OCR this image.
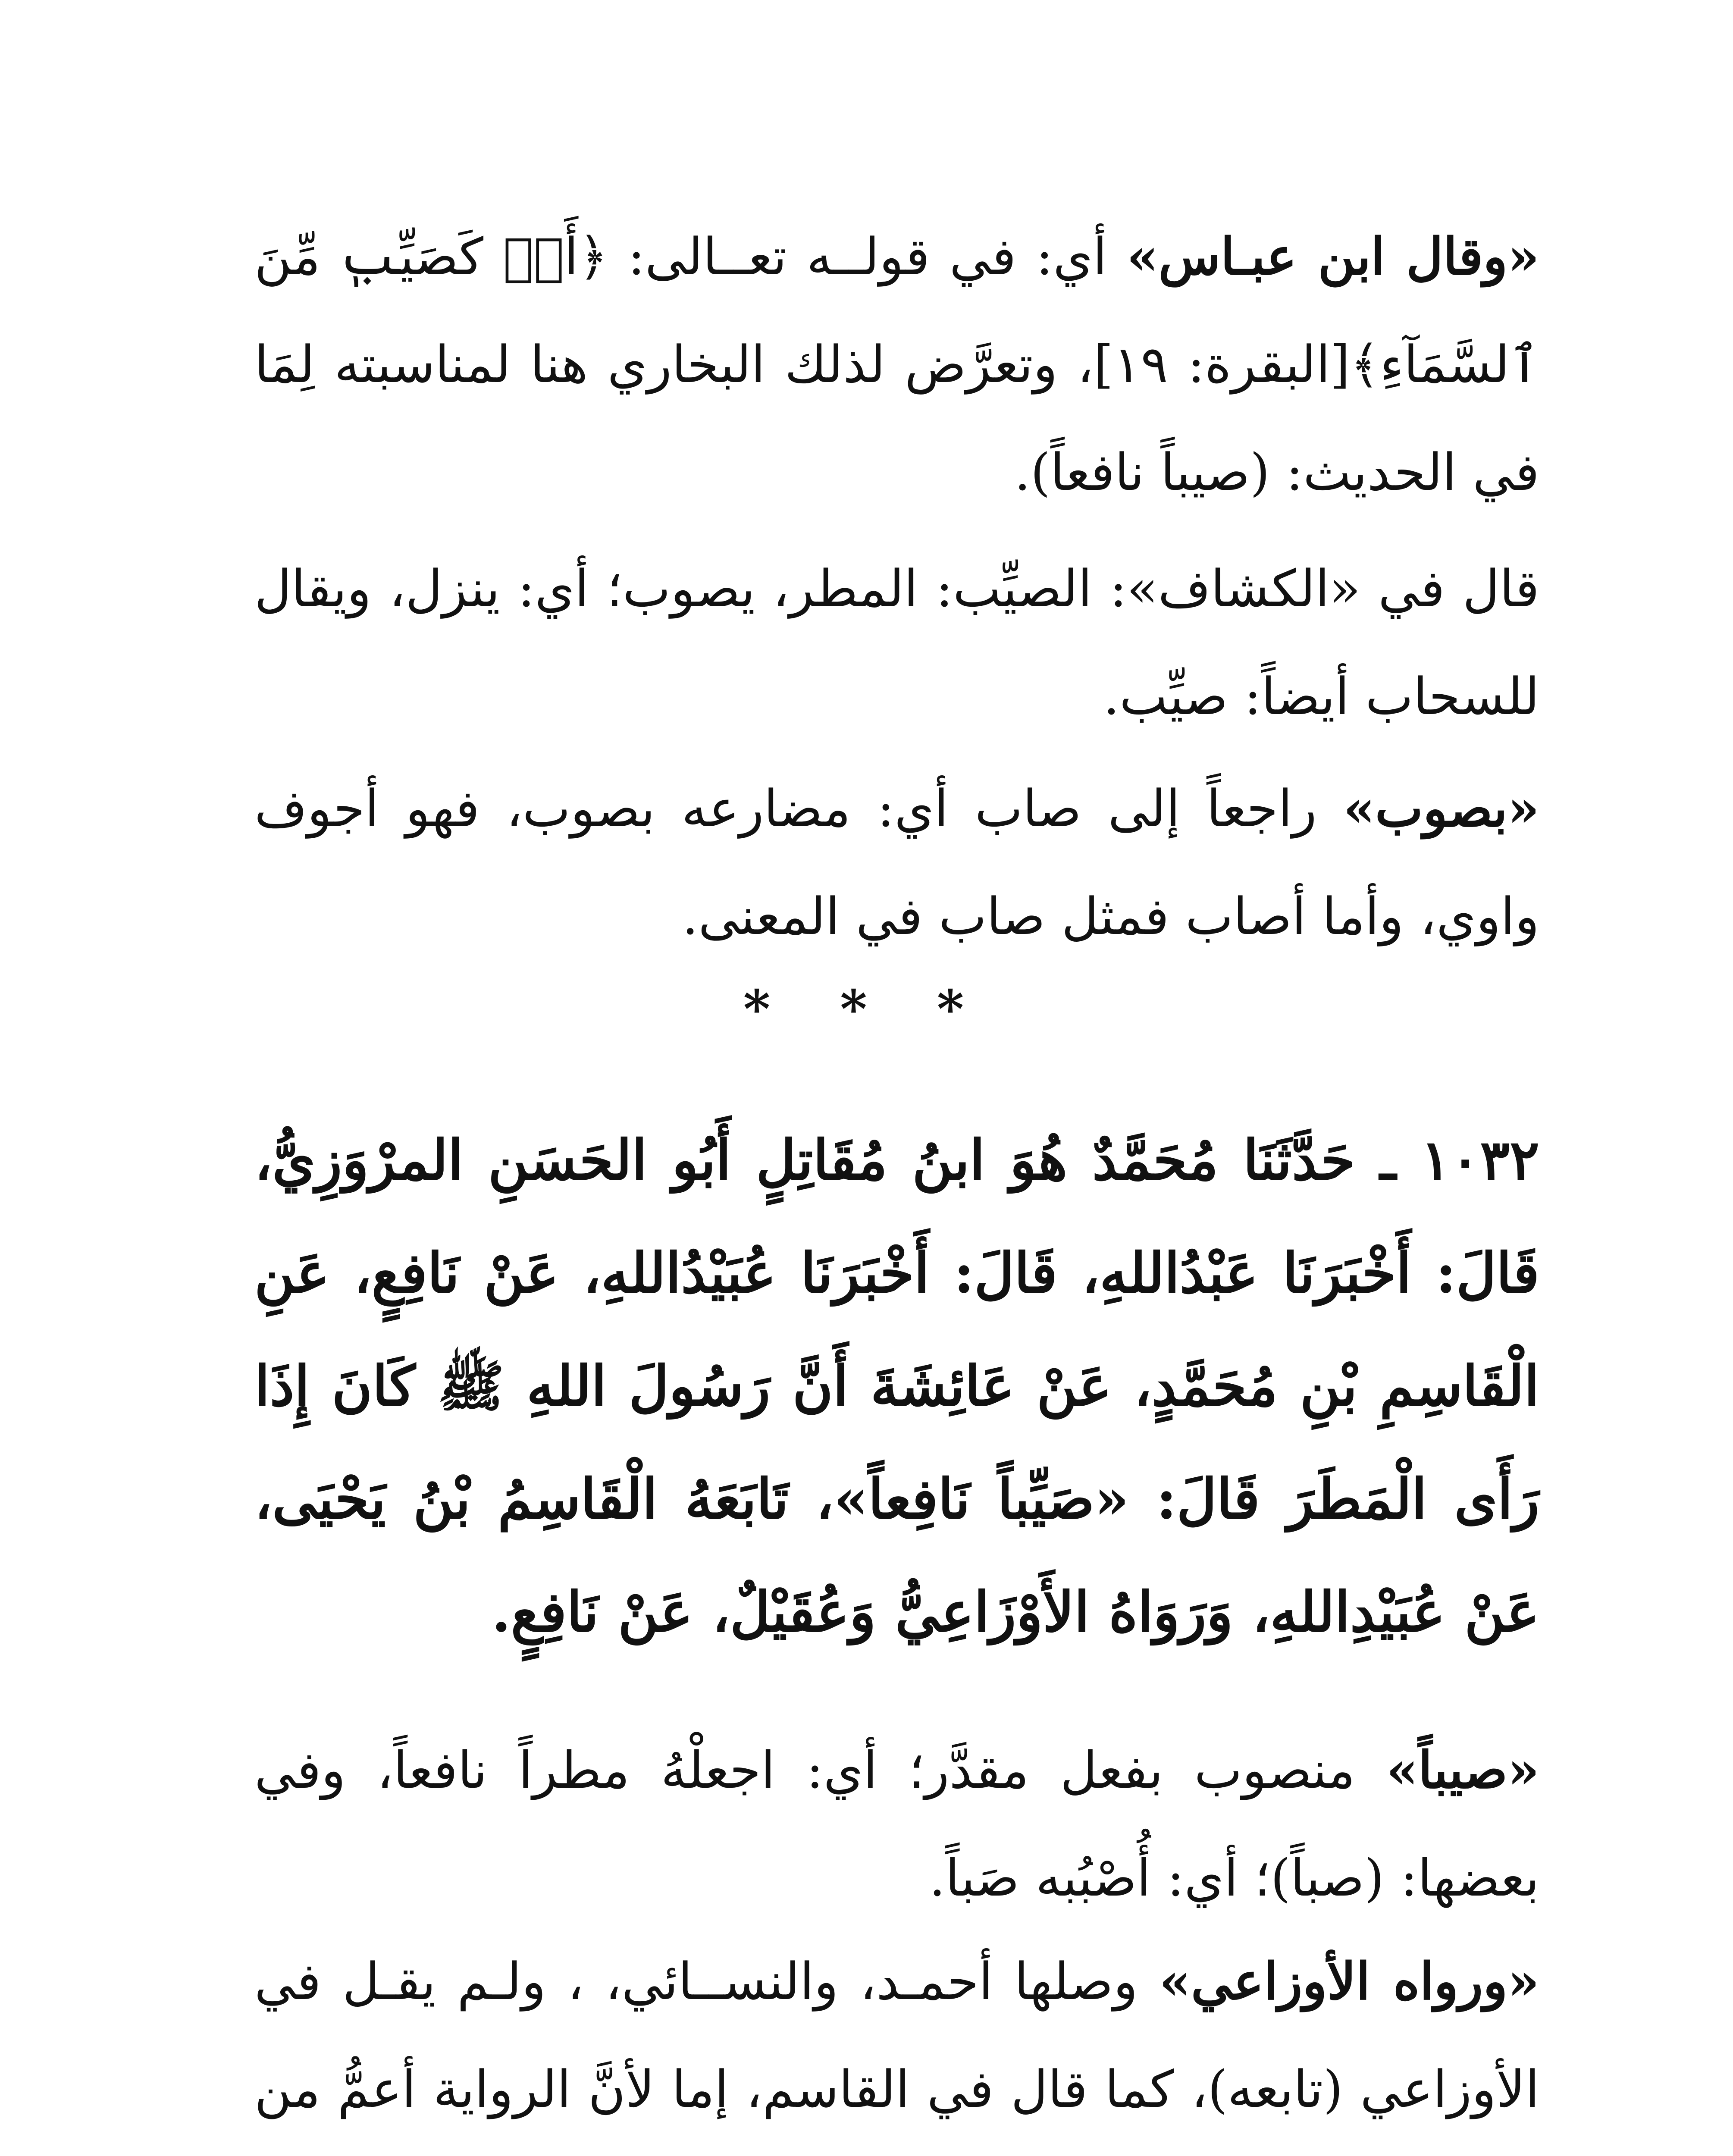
«وقال ابن عبـاس» أي: في قولــه تعــالى: ﴿أَوۡ كَصَيِّبٖ مِّنَ ٱلسَّمَآءِ﴾[البقرة: ١٩]، وتعرَّض لذلك البخاري هنا لمناسبته لِمَا في الحديث: (صيباً نافعاً).

قال في «الكشاف»: الصيِّب: المطر، يصوب؛ أي: ينزل، ويقال للسحاب أيضاً: صيِّب.

«بصوب» راجعاً إلى صاب أي: مضارعه بصوب، فهو أجوف واوي، وأما أصاب فمثل صاب في المعنى.

* * *

١٠٣٢ ـ حَدَّثَنَا مُحَمَّدٌ هُوَ ابنُ مُقَاتِلٍ أَبُو الحَسَنِ المرْوَزِيُّ، قَالَ: أَخْبَرَنَا عَبْدُاللهِ، قَالَ: أَخْبَرَنَا عُبَيْدُاللهِ، عَنْ نَافِعٍ، عَنِ الْقَاسِمِ بْنِ مُحَمَّدٍ، عَنْ عَائِشَةَ أَنَّ رَسُولَ اللهِ ﷺ كَانَ إِذَا رَأَى الْمَطَرَ قَالَ: «صَيِّباً نَافِعاً»، تَابَعَهُ الْقَاسِمُ بْنُ يَحْيَى، عَنْ عُبَيْدِاللهِ، وَرَوَاهُ الأَوْزَاعِيُّ وَعُقَيْلٌ، عَنْ نَافِعٍ.

«صيباً» منصوب بفعل مقدَّر؛ أي: اجعلْهُ مطراً نافعاً، وفي بعضها: (صباً)؛ أي: أُصْبُبه صَباً.

«ورواه الأوزاعي» وصلها أحمـد، والنســائي، ، ولـم يقـل في الأوزاعي (تابعه)، كما قال في القاسم، إما لأنَّ الرواية أعمُّ من
